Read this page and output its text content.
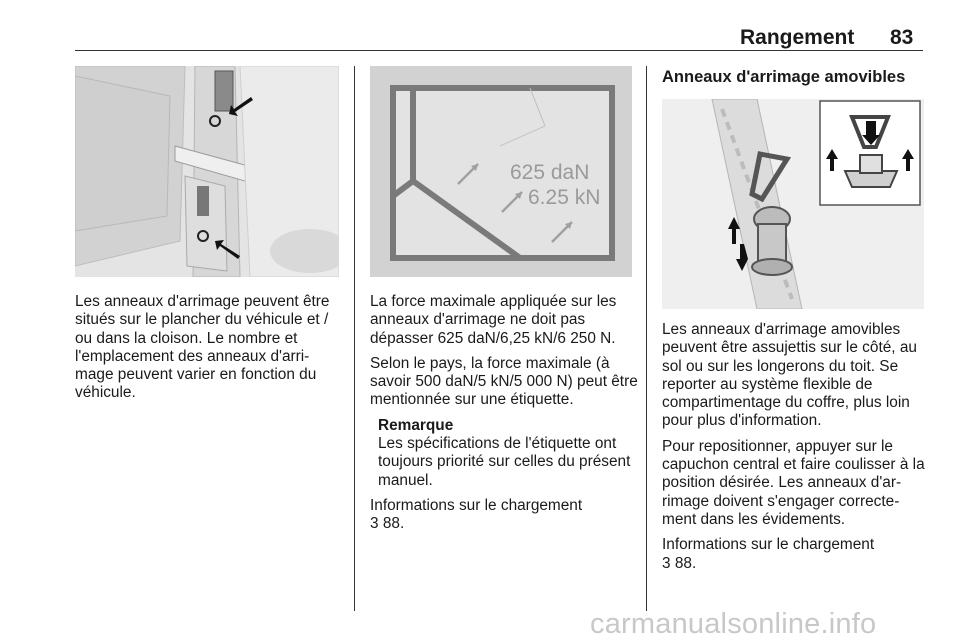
Rangement 83

Les anneaux d'arrimage peuvent être situés sur le plancher du véhicule et / ou dans la cloison. Le nombre et l'emplacement des anneaux d'arri-mage peuvent varier en fonction du véhicule.

625 daN
6.25 kN

La force maximale appliquée sur les anneaux d'arrimage ne doit pas dépasser 625 daN/6,25 kN/6 250 N.

Selon le pays, la force maximale (à savoir 500 daN/5 kN/5 000 N) peut être mentionnée sur une étiquette.

Remarque
Les spécifications de l'étiquette ont toujours priorité sur celles du présent manuel.
Informations sur le chargement
3 88.
Anneaux d'arrimage amovibles

Les anneaux d'arrimage amovibles peuvent être assujettis sur le côté, au sol ou sur les longerons du toit. Se reporter au système flexible de compartimentage du coffre, plus loin pour plus d'information.

Pour repositionner, appuyer sur le capuchon central et faire coulisser à la position désirée. Les anneaux d'ar-rimage doivent s'engager correcte-ment dans les évidements.

Informations sur le chargement
3 88.
carmanualsonline.info
